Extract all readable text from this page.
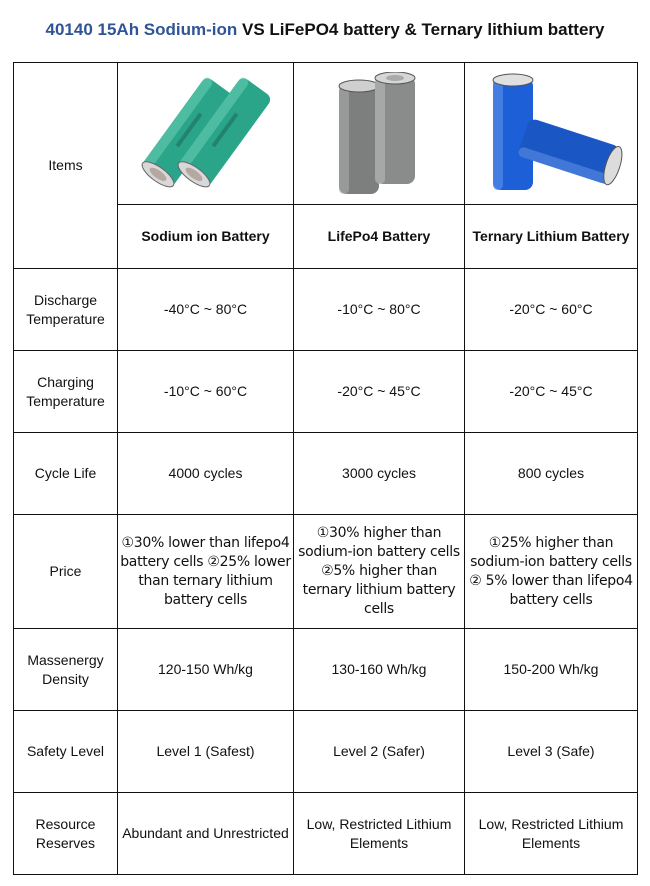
40140 15Ah Sodium-ion VS LiFePO4 battery & Ternary lithium battery
Items	

	Sodium ion Battery	LifePo4 Battery	Ternary Lithium Battery
Discharge Temperature	-40°C ~ 80°C	-10°C ~ 80°C	-20°C ~ 60°C
Charging Temperature	-10°C ~ 60°C	-20°C ~ 45°C	-20°C ~ 45°C
Cycle Life	4000 cycles	3000 cycles	800 cycles
Price	①30% lower than lifepo4 battery cells ②25% lower than ternary lithium battery cells	①30% higher than sodium-ion battery cells ②5% higher than ternary lithium battery cells	①25% higher than sodium-ion battery cells ② 5% lower than lifepo4 battery cells
Massenergy Density	120-150 Wh/kg	130-160 Wh/kg	150-200 Wh/kg
Safety Level	Level 1 (Safest)	Level 2 (Safer)	Level 3 (Safe)
Resource Reserves	Abundant and Unrestricted	Low, Restricted Lithium Elements	Low, Restricted Lithium Elements
